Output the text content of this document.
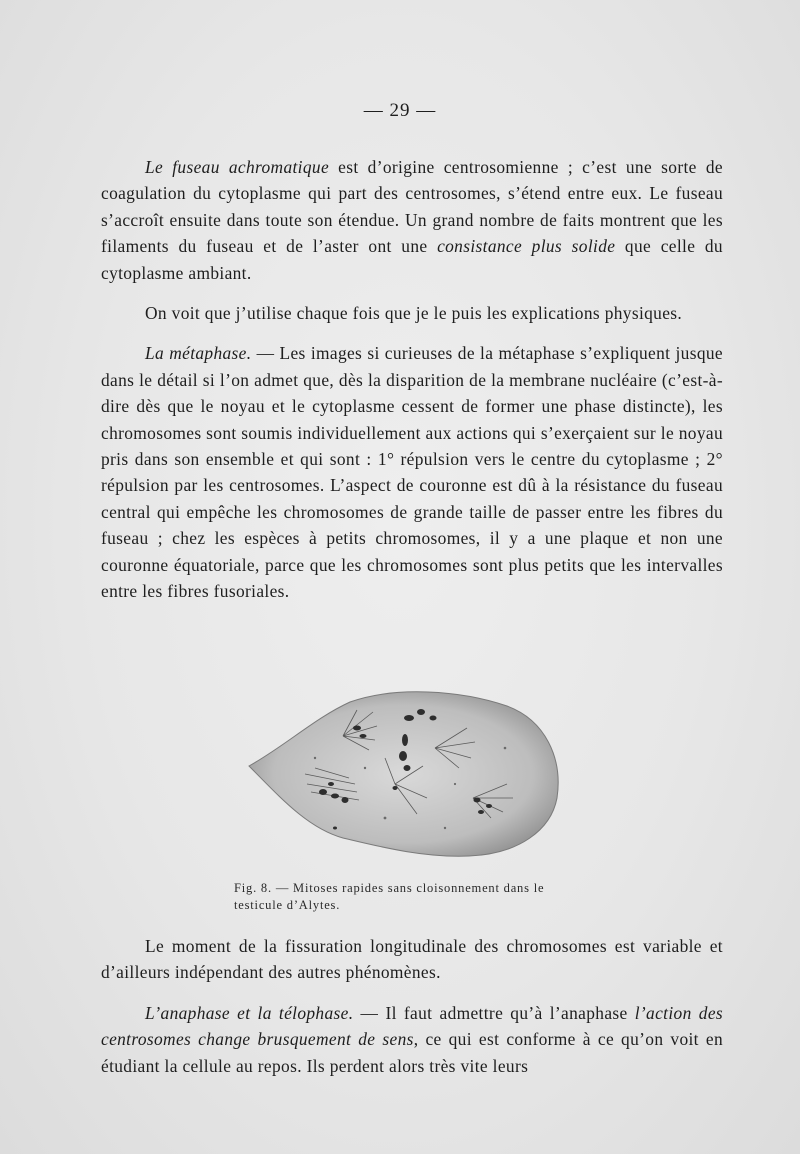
— 29 —

Le fuseau achromatique est d’origine centrosomienne ; c’est une sorte de coagulation du cytoplasme qui part des centrosomes, s’étend entre eux. Le fuseau s’accroît ensuite dans toute son étendue. Un grand nombre de faits montrent que les filaments du fuseau et de l’aster ont une consistance plus solide que celle du cytoplasme ambiant.

On voit que j’utilise chaque fois que je le puis les explications physiques.

La métaphase. — Les images si curieuses de la métaphase s’expliquent jusque dans le détail si l’on admet que, dès la disparition de la membrane nucléaire (c’est-à-dire dès que le noyau et le cytoplasme cessent de former une phase distincte), les chromosomes sont soumis individuellement aux actions qui s’exerçaient sur le noyau pris dans son ensemble et qui sont : 1° répulsion vers le centre du cytoplasme ; 2° répulsion par les centrosomes. L’aspect de couronne est dû à la résistance du fuseau central qui empêche les chromosomes de grande taille de passer entre les fibres du fuseau ; chez les espèces à petits chromosomes, il y a une plaque et non une couronne équatoriale, parce que les chromosomes sont plus petits que les intervalles entre les fibres fusoriales.

Fig. 8. — Mitoses rapides sans cloisonnement dans le testicule d’Alytes.

Le moment de la fissuration longitudinale des chromosomes est variable et d’ailleurs indépendant des autres phénomènes.

L’anaphase et la télophase. — Il faut admettre qu’à l’anaphase l’action des centrosomes change brusquement de sens, ce qui est conforme à ce qu’on voit en étudiant la cellule au repos. Ils perdent alors très vite leurs
